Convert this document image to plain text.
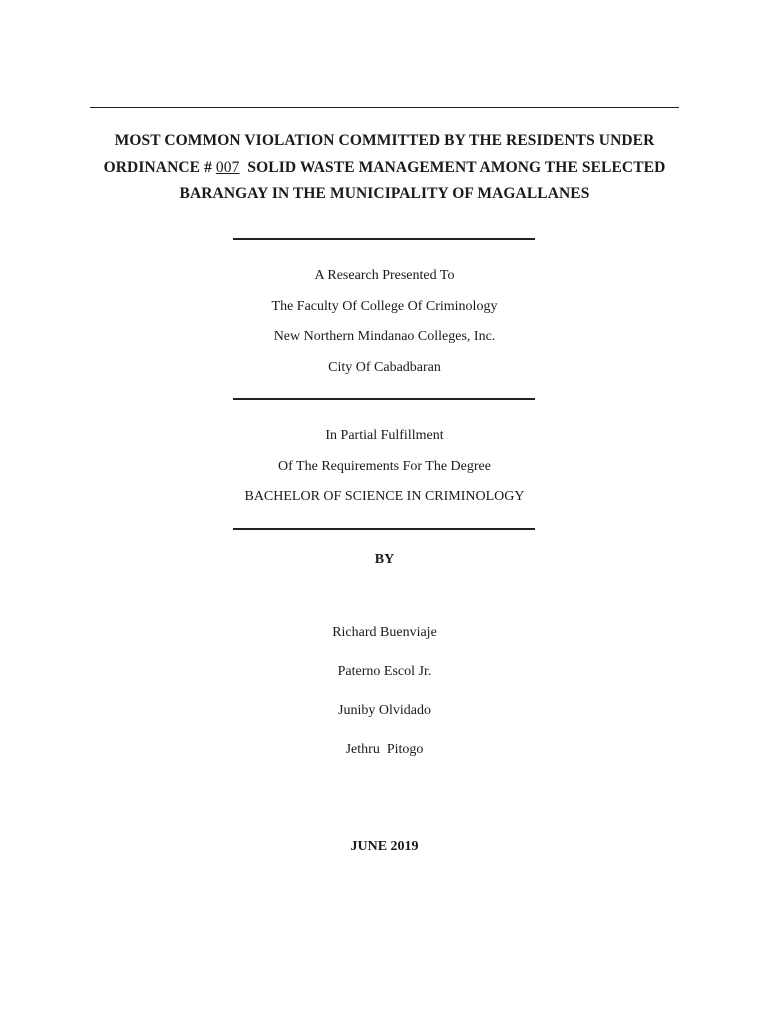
MOST COMMON VIOLATION COMMITTED BY THE RESIDENTS UNDER
ORDINANCE # 007  SOLID WASTE MANAGEMENT AMONG THE SELECTED
BARANGAY IN THE MUNICIPALITY OF MAGALLANES
A Research Presented To
The Faculty Of College Of Criminology
New Northern Mindanao Colleges, Inc.
City Of Cabadbaran
In Partial Fulfillment
Of The Requirements For The Degree
BACHELOR OF SCIENCE IN CRIMINOLOGY
BY
Richard Buenviaje
Paterno Escol Jr.
Juniby Olvidado
Jethru  Pitogo
JUNE 2019
